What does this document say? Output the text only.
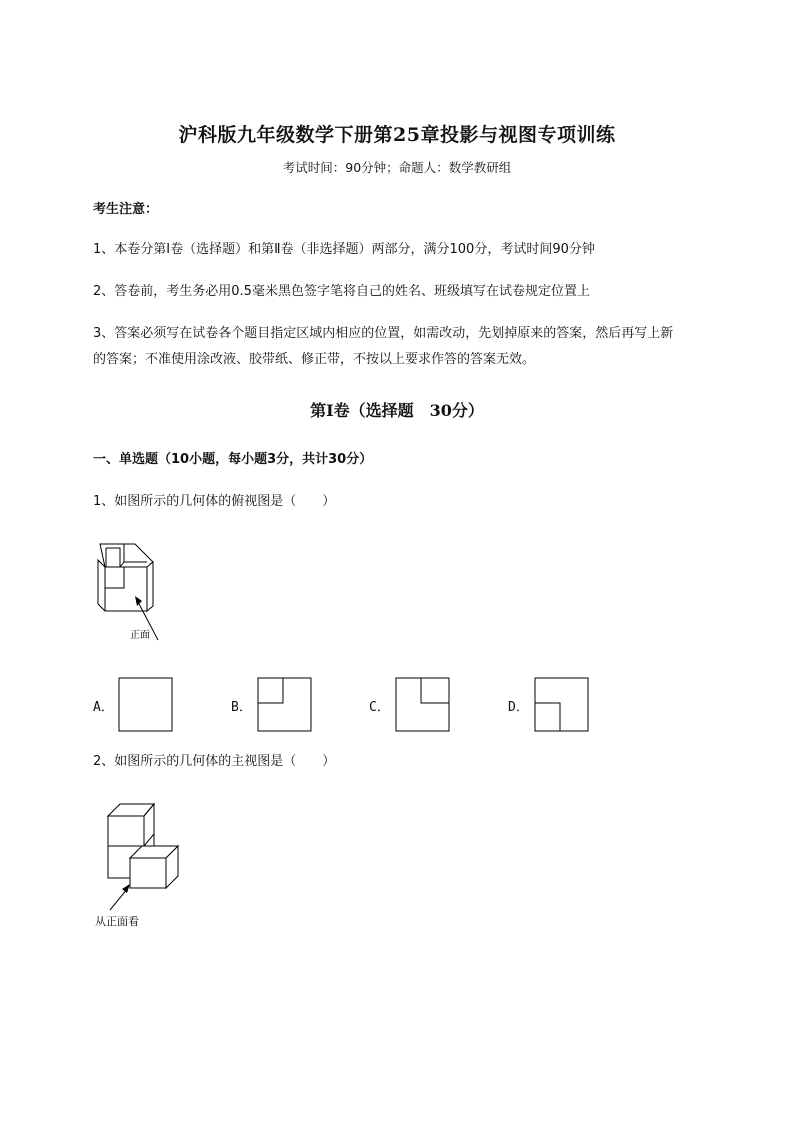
沪科版九年级数学下册第25章投影与视图专项训练
考试时间：90分钟；命题人：数学教研组
考生注意：
1、本卷分第I卷（选择题）和第Ⅱ卷（非选择题）两部分，满分100分，考试时间90分钟
2、答卷前，考生务必用0.5毫米黑色签字笔将自己的姓名、班级填写在试卷规定位置上
3、答案必须写在试卷各个题目指定区域内相应的位置，如需改动，先划掉原来的答案，然后再写上新
的答案；不准使用涂改液、胶带纸、修正带，不按以上要求作答的答案无效。
第I卷（选择题　30分）
一、单选题（10小题，每小题3分，共计30分）
1、如图所示的几何体的俯视图是（　　）
正面
A．	B．	C．	D．
2、如图所示的几何体的主视图是（　　）
从正面看
